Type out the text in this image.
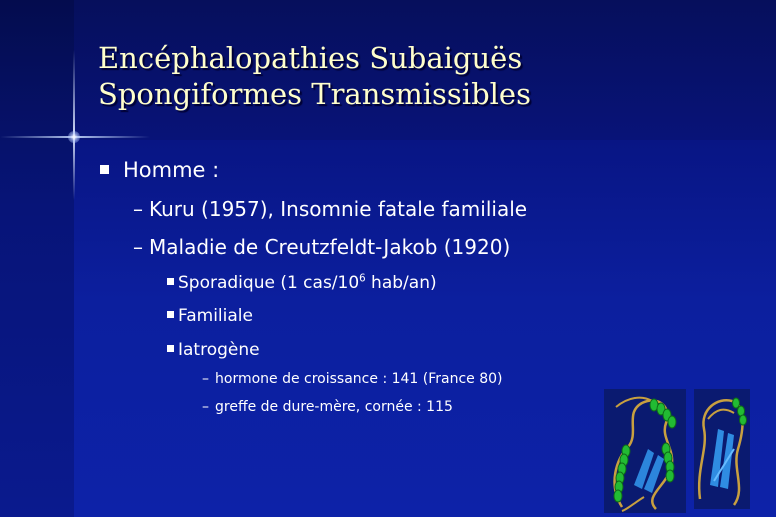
Encéphalopathies Subaiguës
Spongiformes Transmissibles
Homme :
– Kuru (1957), Insomnie fatale familiale
– Maladie de Creutzfeldt-Jakob (1920)
Sporadique (1 cas/$10^6$ hab/an)
Familiale
Iatrogène
– hormone de croissance : 141 (France 80)
– greffe de dure-mère, cornée : 115
